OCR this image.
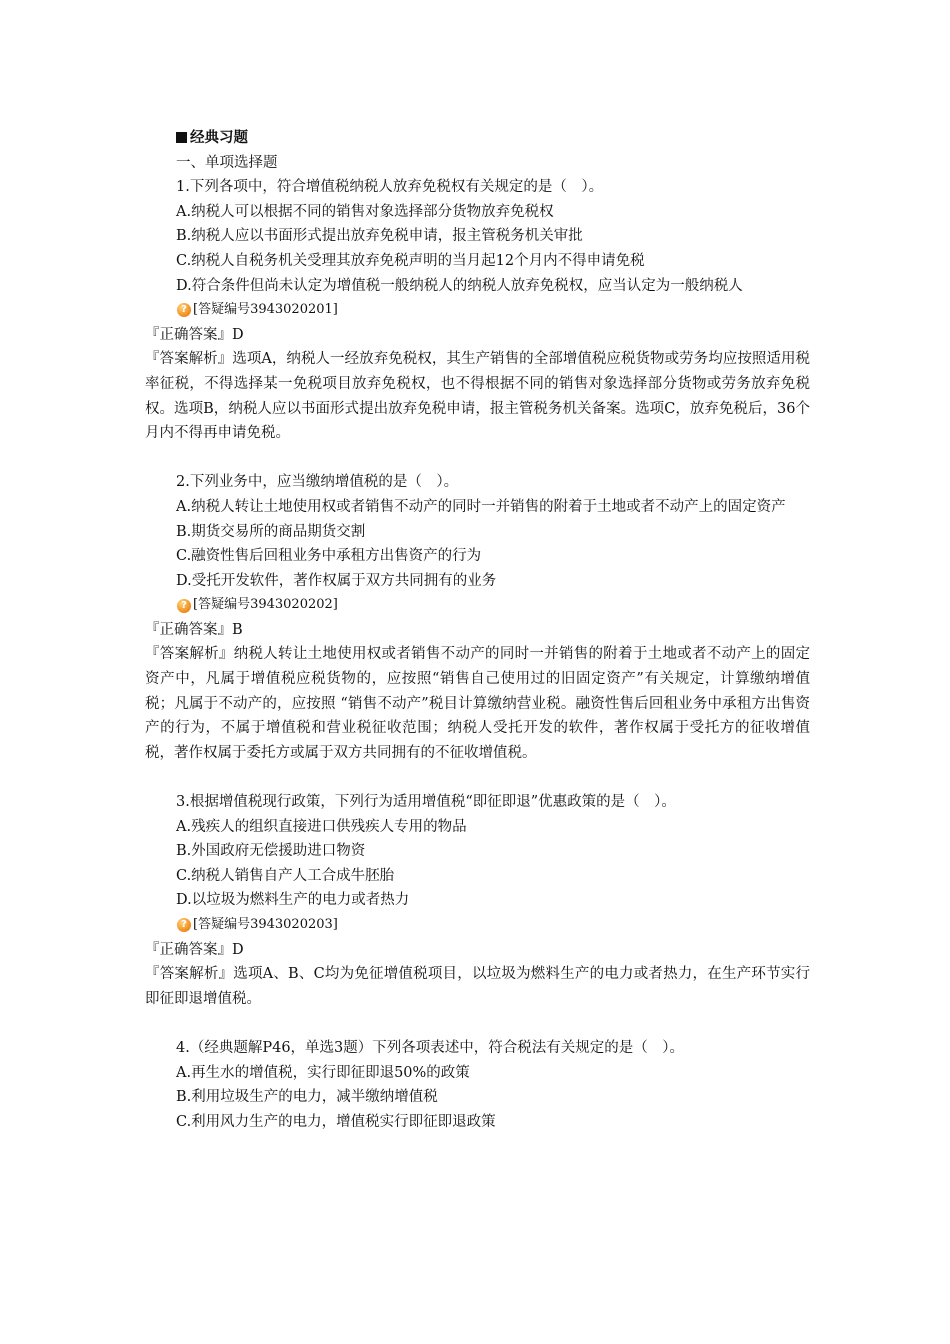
经典习题
一、单项选择题
1.下列各项中，符合增值税纳税人放弃免税权有关规定的是（　）。
A.纳税人可以根据不同的销售对象选择部分货物放弃免税权
B.纳税人应以书面形式提出放弃免税申请，报主管税务机关审批
C.纳税人自税务机关受理其放弃免税声明的当月起12个月内不得申请免税
D.符合条件但尚未认定为增值税一般纳税人的纳税人放弃免税权，应当认定为一般纳税人
? [答疑编号3943020201]
『正确答案』D
『答案解析』选项A，纳税人一经放弃免税权，其生产销售的全部增值税应税货物或劳务均应按照适用税率征税，不得选择某一免税项目放弃免税权，也不得根据不同的销售对象选择部分货物或劳务放弃免税权。选项B，纳税人应以书面形式提出放弃免税申请，报主管税务机关备案。选项C，放弃免税后，36个月内不得再申请免税。
2.下列业务中，应当缴纳增值税的是（　）。
A.纳税人转让土地使用权或者销售不动产的同时一并销售的附着于土地或者不动产上的固定资产
B.期货交易所的商品期货交割
C.融资性售后回租业务中承租方出售资产的行为
D.受托开发软件，著作权属于双方共同拥有的业务
? [答疑编号3943020202]
『正确答案』B
『答案解析』纳税人转让土地使用权或者销售不动产的同时一并销售的附着于土地或者不动产上的固定资产中，凡属于增值税应税货物的，应按照“销售自己使用过的旧固定资产”有关规定，计算缴纳增值税；凡属于不动产的，应按照 “销售不动产”税目计算缴纳营业税。融资性售后回租业务中承租方出售资产的行为，不属于增值税和营业税征收范围；纳税人受托开发的软件，著作权属于受托方的征收增值税，著作权属于委托方或属于双方共同拥有的不征收增值税。
3.根据增值税现行政策，下列行为适用增值税“即征即退”优惠政策的是（　）。
A.残疾人的组织直接进口供残疾人专用的物品
B.外国政府无偿援助进口物资
C.纳税人销售自产人工合成牛胚胎
D.以垃圾为燃料生产的电力或者热力
? [答疑编号3943020203]
『正确答案』D
『答案解析』选项A、B、C均为免征增值税项目，以垃圾为燃料生产的电力或者热力，在生产环节实行即征即退增值税。
4.（经典题解P46，单选3题）下列各项表述中，符合税法有关规定的是（　）。
A.再生水的增值税，实行即征即退50%的政策
B.利用垃圾生产的电力，减半缴纳增值税
C.利用风力生产的电力，增值税实行即征即退政策
